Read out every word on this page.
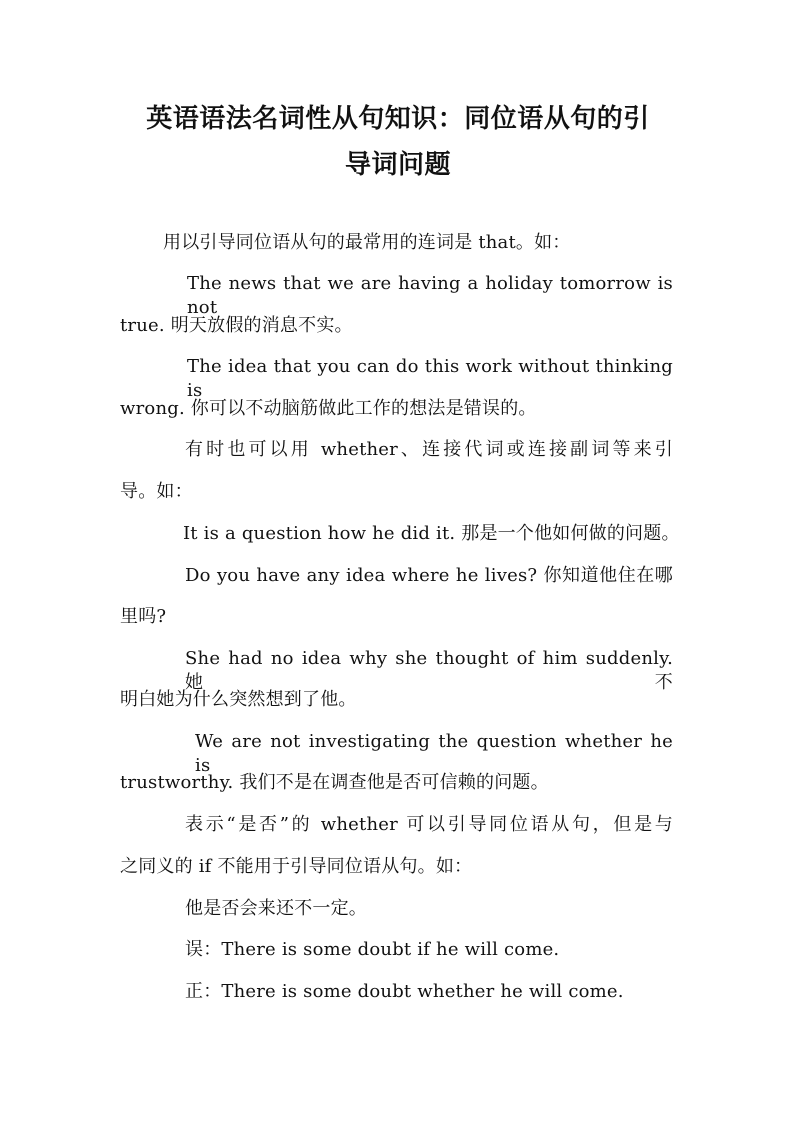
英语语法名词性从句知识：同位语从句的引
导词问题
用以引导同位语从句的最常用的连词是 that。如：
The news that we are having a holiday tomorrow is not
true. 明天放假的消息不实。
The idea that you can do this work without thinking is
wrong. 你可以不动脑筋做此工作的想法是错误的。
有时也可以用 whether、连接代词或连接副词等来引
导。如：
It is a question how he did it. 那是一个他如何做的问题。
Do you have any idea where he lives? 你知道他住在哪
里吗?
She had no idea why she thought of him suddenly. 她不
明白她为什么突然想到了他。
We are not investigating the question whether he is
trustworthy. 我们不是在调查他是否可信赖的问题。
表示“是否”的 whether 可以引导同位语从句，但是与
之同义的 if 不能用于引导同位语从句。如：
他是否会来还不一定。
误：There is some doubt if he will come.
正：There is some doubt whether he will come.
